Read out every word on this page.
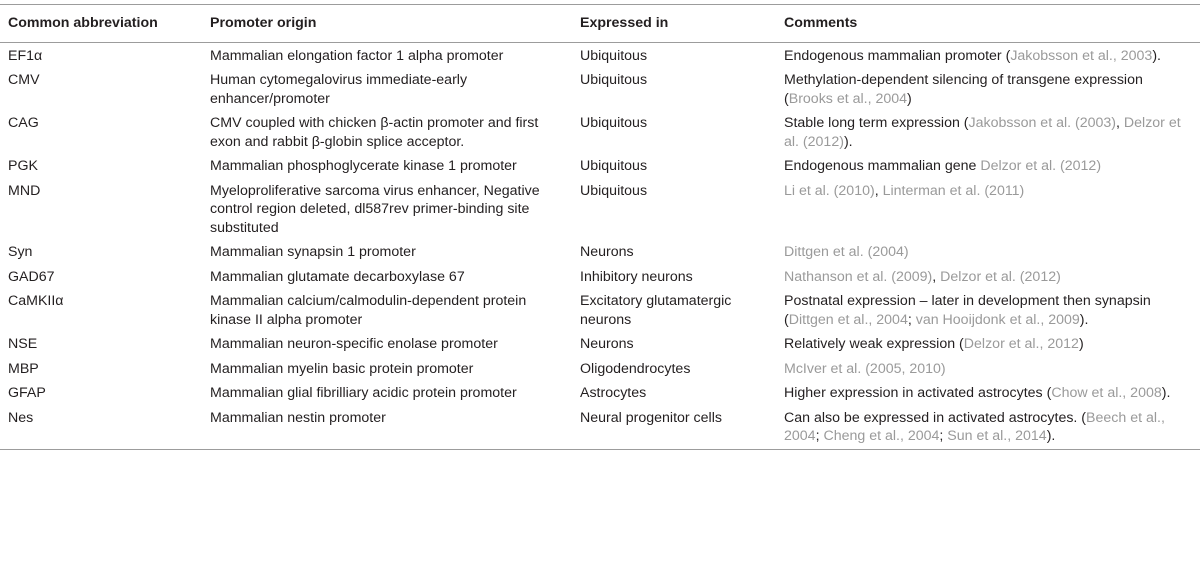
Common abbreviation	Promoter origin	Expressed in	Comments
EF1α	Mammalian elongation factor 1 alpha promoter	Ubiquitous	Endogenous mammalian promoter (Jakobsson et al., 2003).
CMV	Human cytomegalovirus immediate-early enhancer/promoter	Ubiquitous	Methylation-dependent silencing of transgene expression (Brooks et al., 2004)
CAG	CMV coupled with chicken β-actin promoter and first exon and rabbit β-globin splice acceptor.	Ubiquitous	Stable long term expression (Jakobsson et al. (2003), Delzor et al. (2012)).
PGK	Mammalian phosphoglycerate kinase 1 promoter	Ubiquitous	Endogenous mammalian gene Delzor et al. (2012)
MND	Myeloproliferative sarcoma virus enhancer, Negative control region deleted, dl587rev primer-binding site substituted	Ubiquitous	Li et al. (2010), Linterman et al. (2011)
Syn	Mammalian synapsin 1 promoter	Neurons	Dittgen et al. (2004)
GAD67	Mammalian glutamate decarboxylase 67	Inhibitory neurons	Nathanson et al. (2009), Delzor et al. (2012)
CaMKIIα	Mammalian calcium/calmodulin-dependent protein kinase II alpha promoter	Excitatory glutamatergic neurons	Postnatal expression – later in development then synapsin (Dittgen et al., 2004; van Hooijdonk et al., 2009).
NSE	Mammalian neuron-specific enolase promoter	Neurons	Relatively weak expression (Delzor et al., 2012)
MBP	Mammalian myelin basic protein promoter	Oligodendrocytes	McIver et al. (2005, 2010)
GFAP	Mammalian glial fibrilliary acidic protein promoter	Astrocytes	Higher expression in activated astrocytes (Chow et al., 2008).
Nes	Mammalian nestin promoter	Neural progenitor cells	Can also be expressed in activated astrocytes. (Beech et al., 2004; Cheng et al., 2004; Sun et al., 2014).
